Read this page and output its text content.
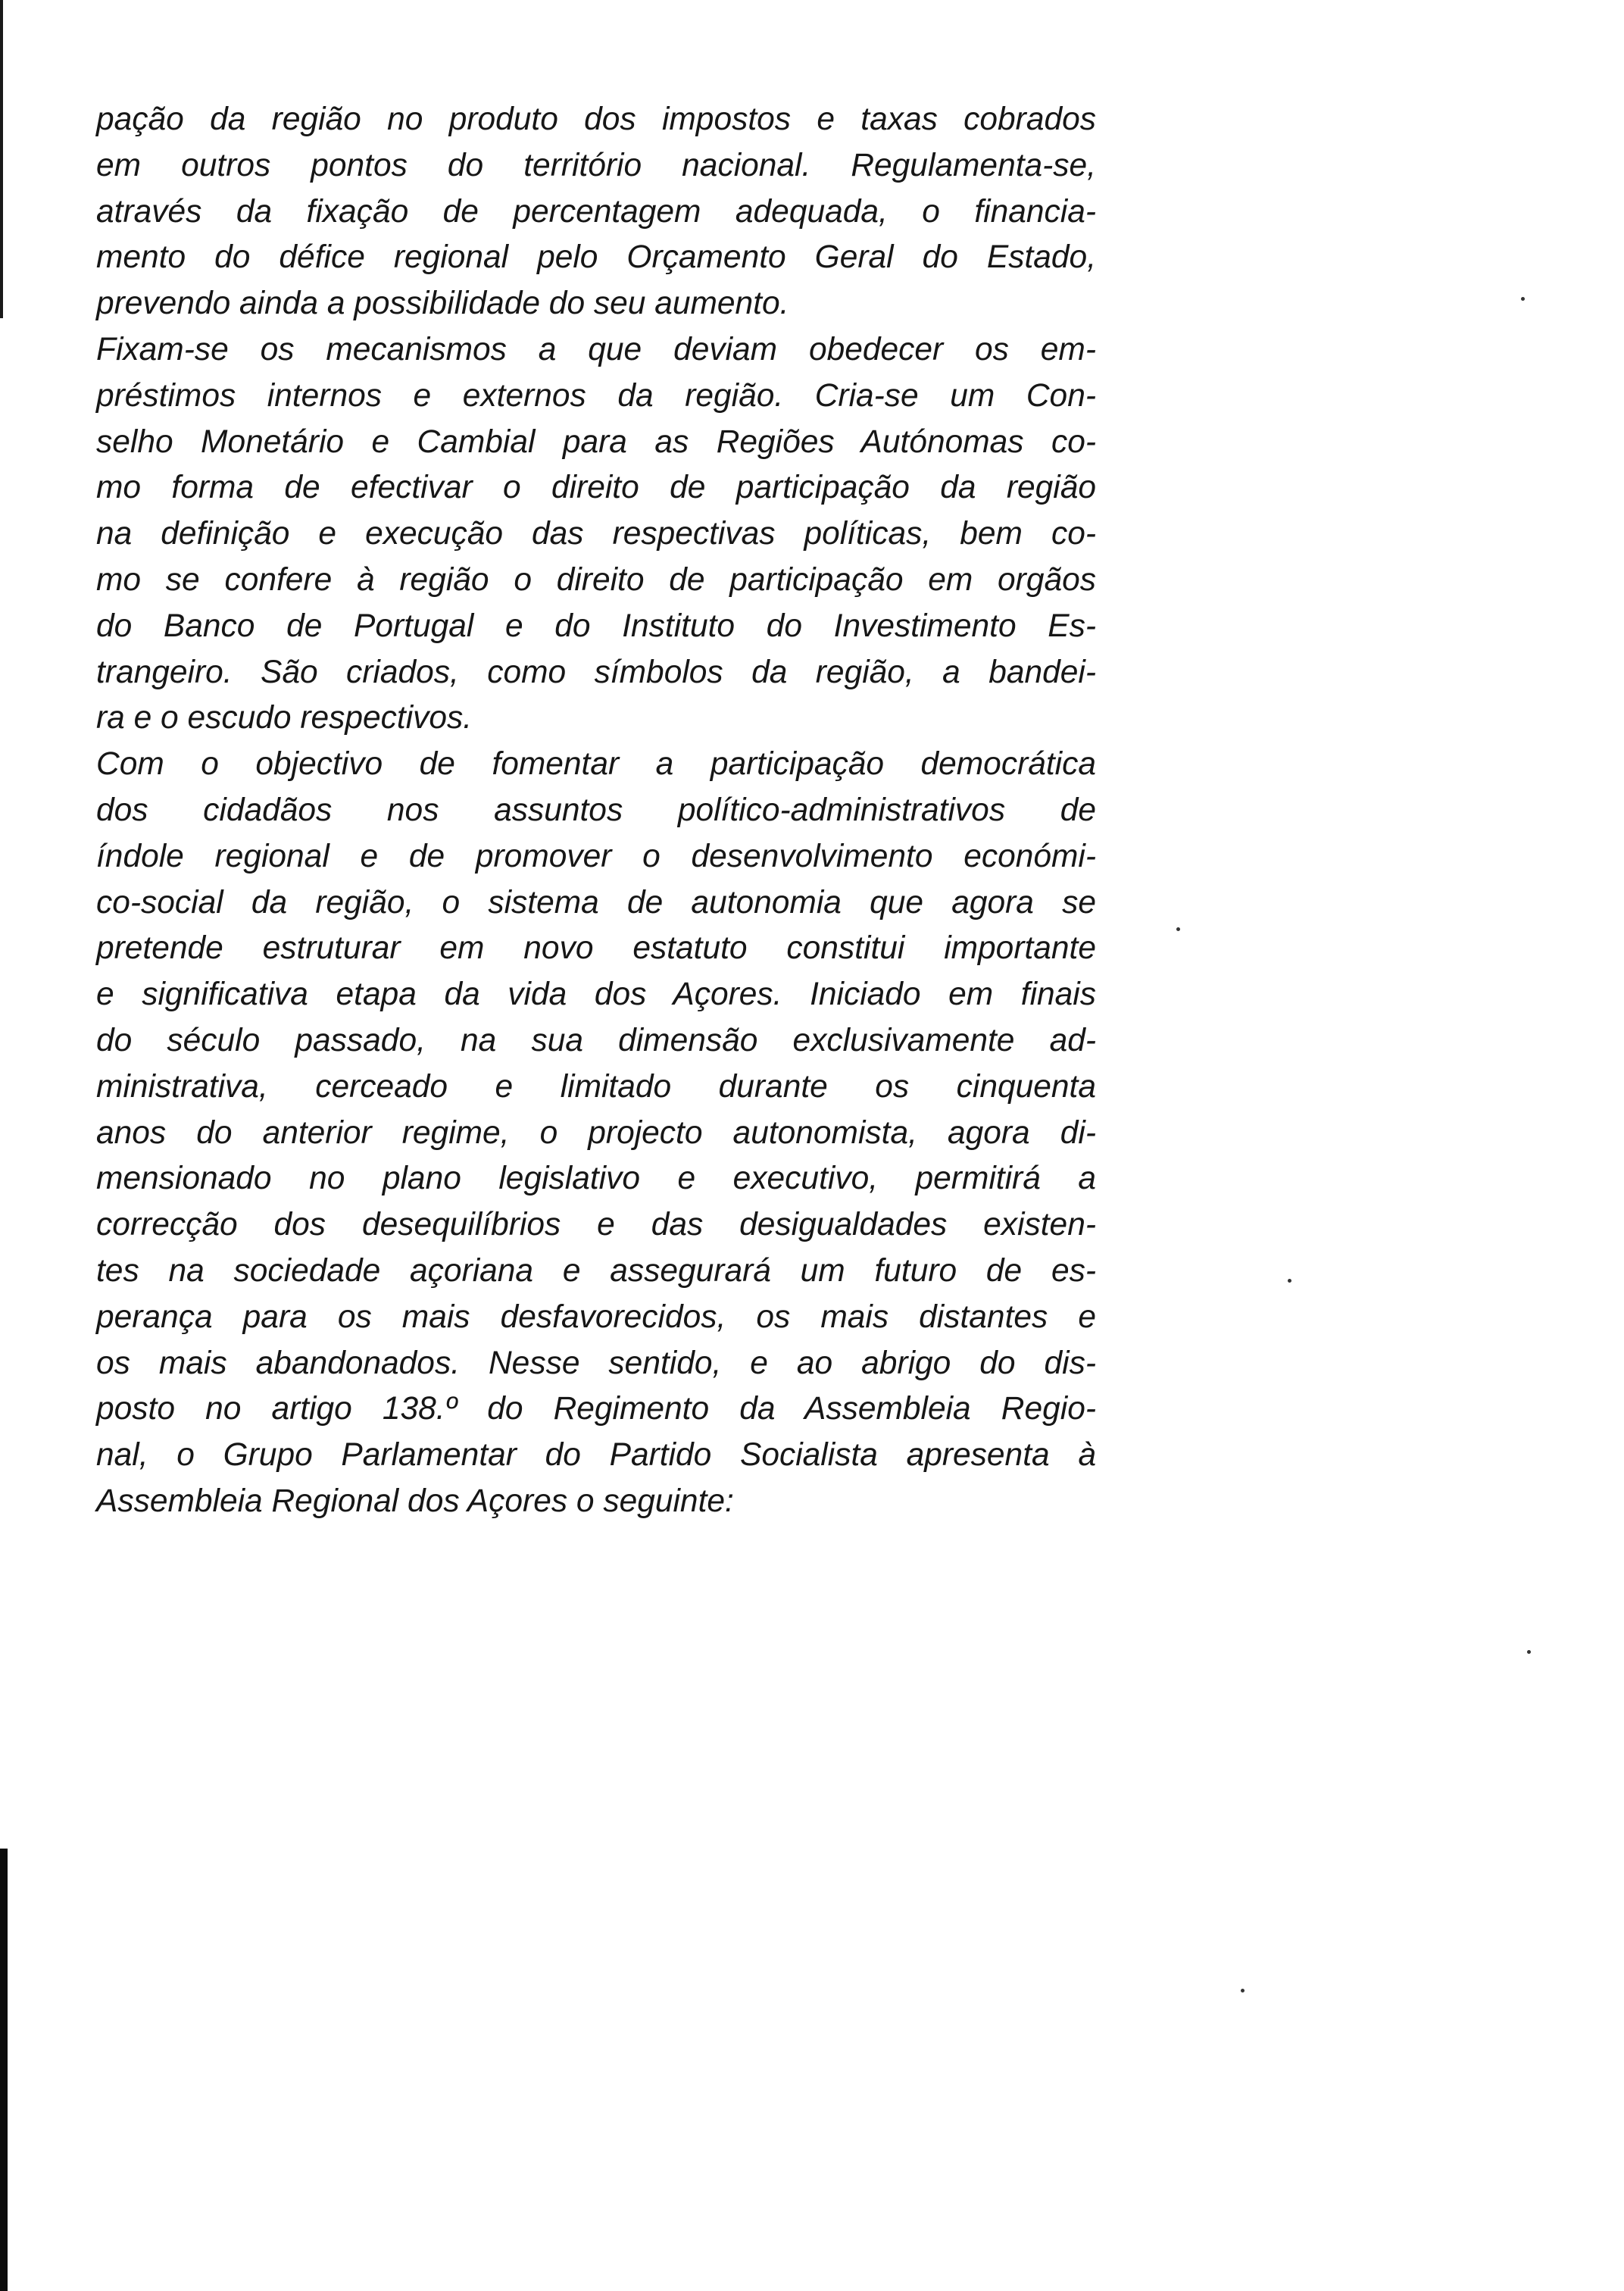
pação da região no produto dos impostos e taxas cobrados
em outros pontos do território nacional. Regulamenta-se,
através da fixação de percentagem adequada, o financia-
mento do défice regional pelo Orçamento Geral do Estado,
prevendo ainda a possibilidade do seu aumento.
Fixam-se os mecanismos a que deviam obedecer os em-
préstimos internos e externos da região. Cria-se um Con-
selho Monetário e Cambial para as Regiões Autónomas co-
mo forma de efectivar o direito de participação da região
na definição e execução das respectivas políticas, bem co-
mo se confere à região o direito de participação em orgãos
do Banco de Portugal e do Instituto do Investimento Es-
trangeiro. São criados, como símbolos da região, a bandei-
ra e o escudo respectivos.
Com o objectivo de fomentar a participação democrática
dos cidadãos nos assuntos político-administrativos de
índole regional e de promover o desenvolvimento económi-
co-social da região, o sistema de autonomia que agora se
pretende estruturar em novo estatuto constitui importante
e significativa etapa da vida dos Açores. Iniciado em finais
do século passado, na sua dimensão exclusivamente ad-
ministrativa, cerceado e limitado durante os cinquenta
anos do anterior regime, o projecto autonomista, agora di-
mensionado no plano legislativo e executivo, permitirá a
correcção dos desequilíbrios e das desigualdades existen-
tes na sociedade açoriana e assegurará um futuro de es-
perança para os mais desfavorecidos, os mais distantes e
os mais abandonados. Nesse sentido, e ao abrigo do dis-
posto no artigo 138.º do Regimento da Assembleia Regio-
nal, o Grupo Parlamentar do Partido Socialista apresenta à
Assembleia Regional dos Açores o seguinte:
